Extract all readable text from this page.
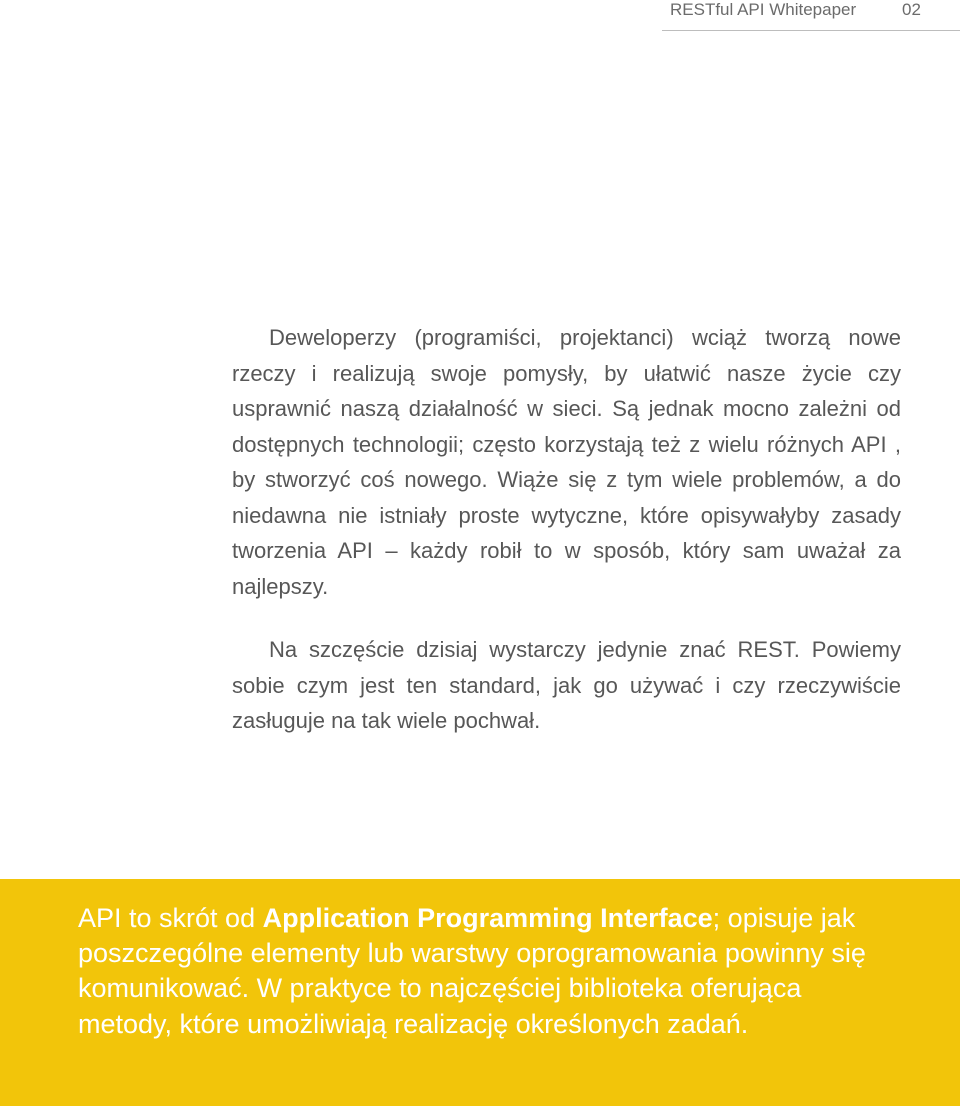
RESTful API Whitepaper	02

Deweloperzy (programiści, projektanci) wciąż tworzą nowe rzeczy i realizują swoje pomysły, by ułatwić nasze życie czy usprawnić naszą działalność w sieci. Są jednak mocno zależni od dostępnych technologii; często korzystają też z wielu różnych API , by stworzyć coś nowego. Wiąże się z tym wiele problemów, a do niedawna nie istniały proste wytyczne, które opisywałyby zasady tworzenia API – każdy robił to w sposób, który sam uważał za najlepszy.

Na szczęście dzisiaj wystarczy jedynie znać REST. Powiemy sobie czym jest ten standard, jak go używać i czy rzeczywiście zasługuje na tak wiele pochwał.

API to skrót od Application Programming Interface; opisuje jak poszczególne elementy lub warstwy oprogramowania powinny się komunikować. W praktyce to najczęściej biblioteka oferująca metody, które umożliwiają realizację określonych zadań.
